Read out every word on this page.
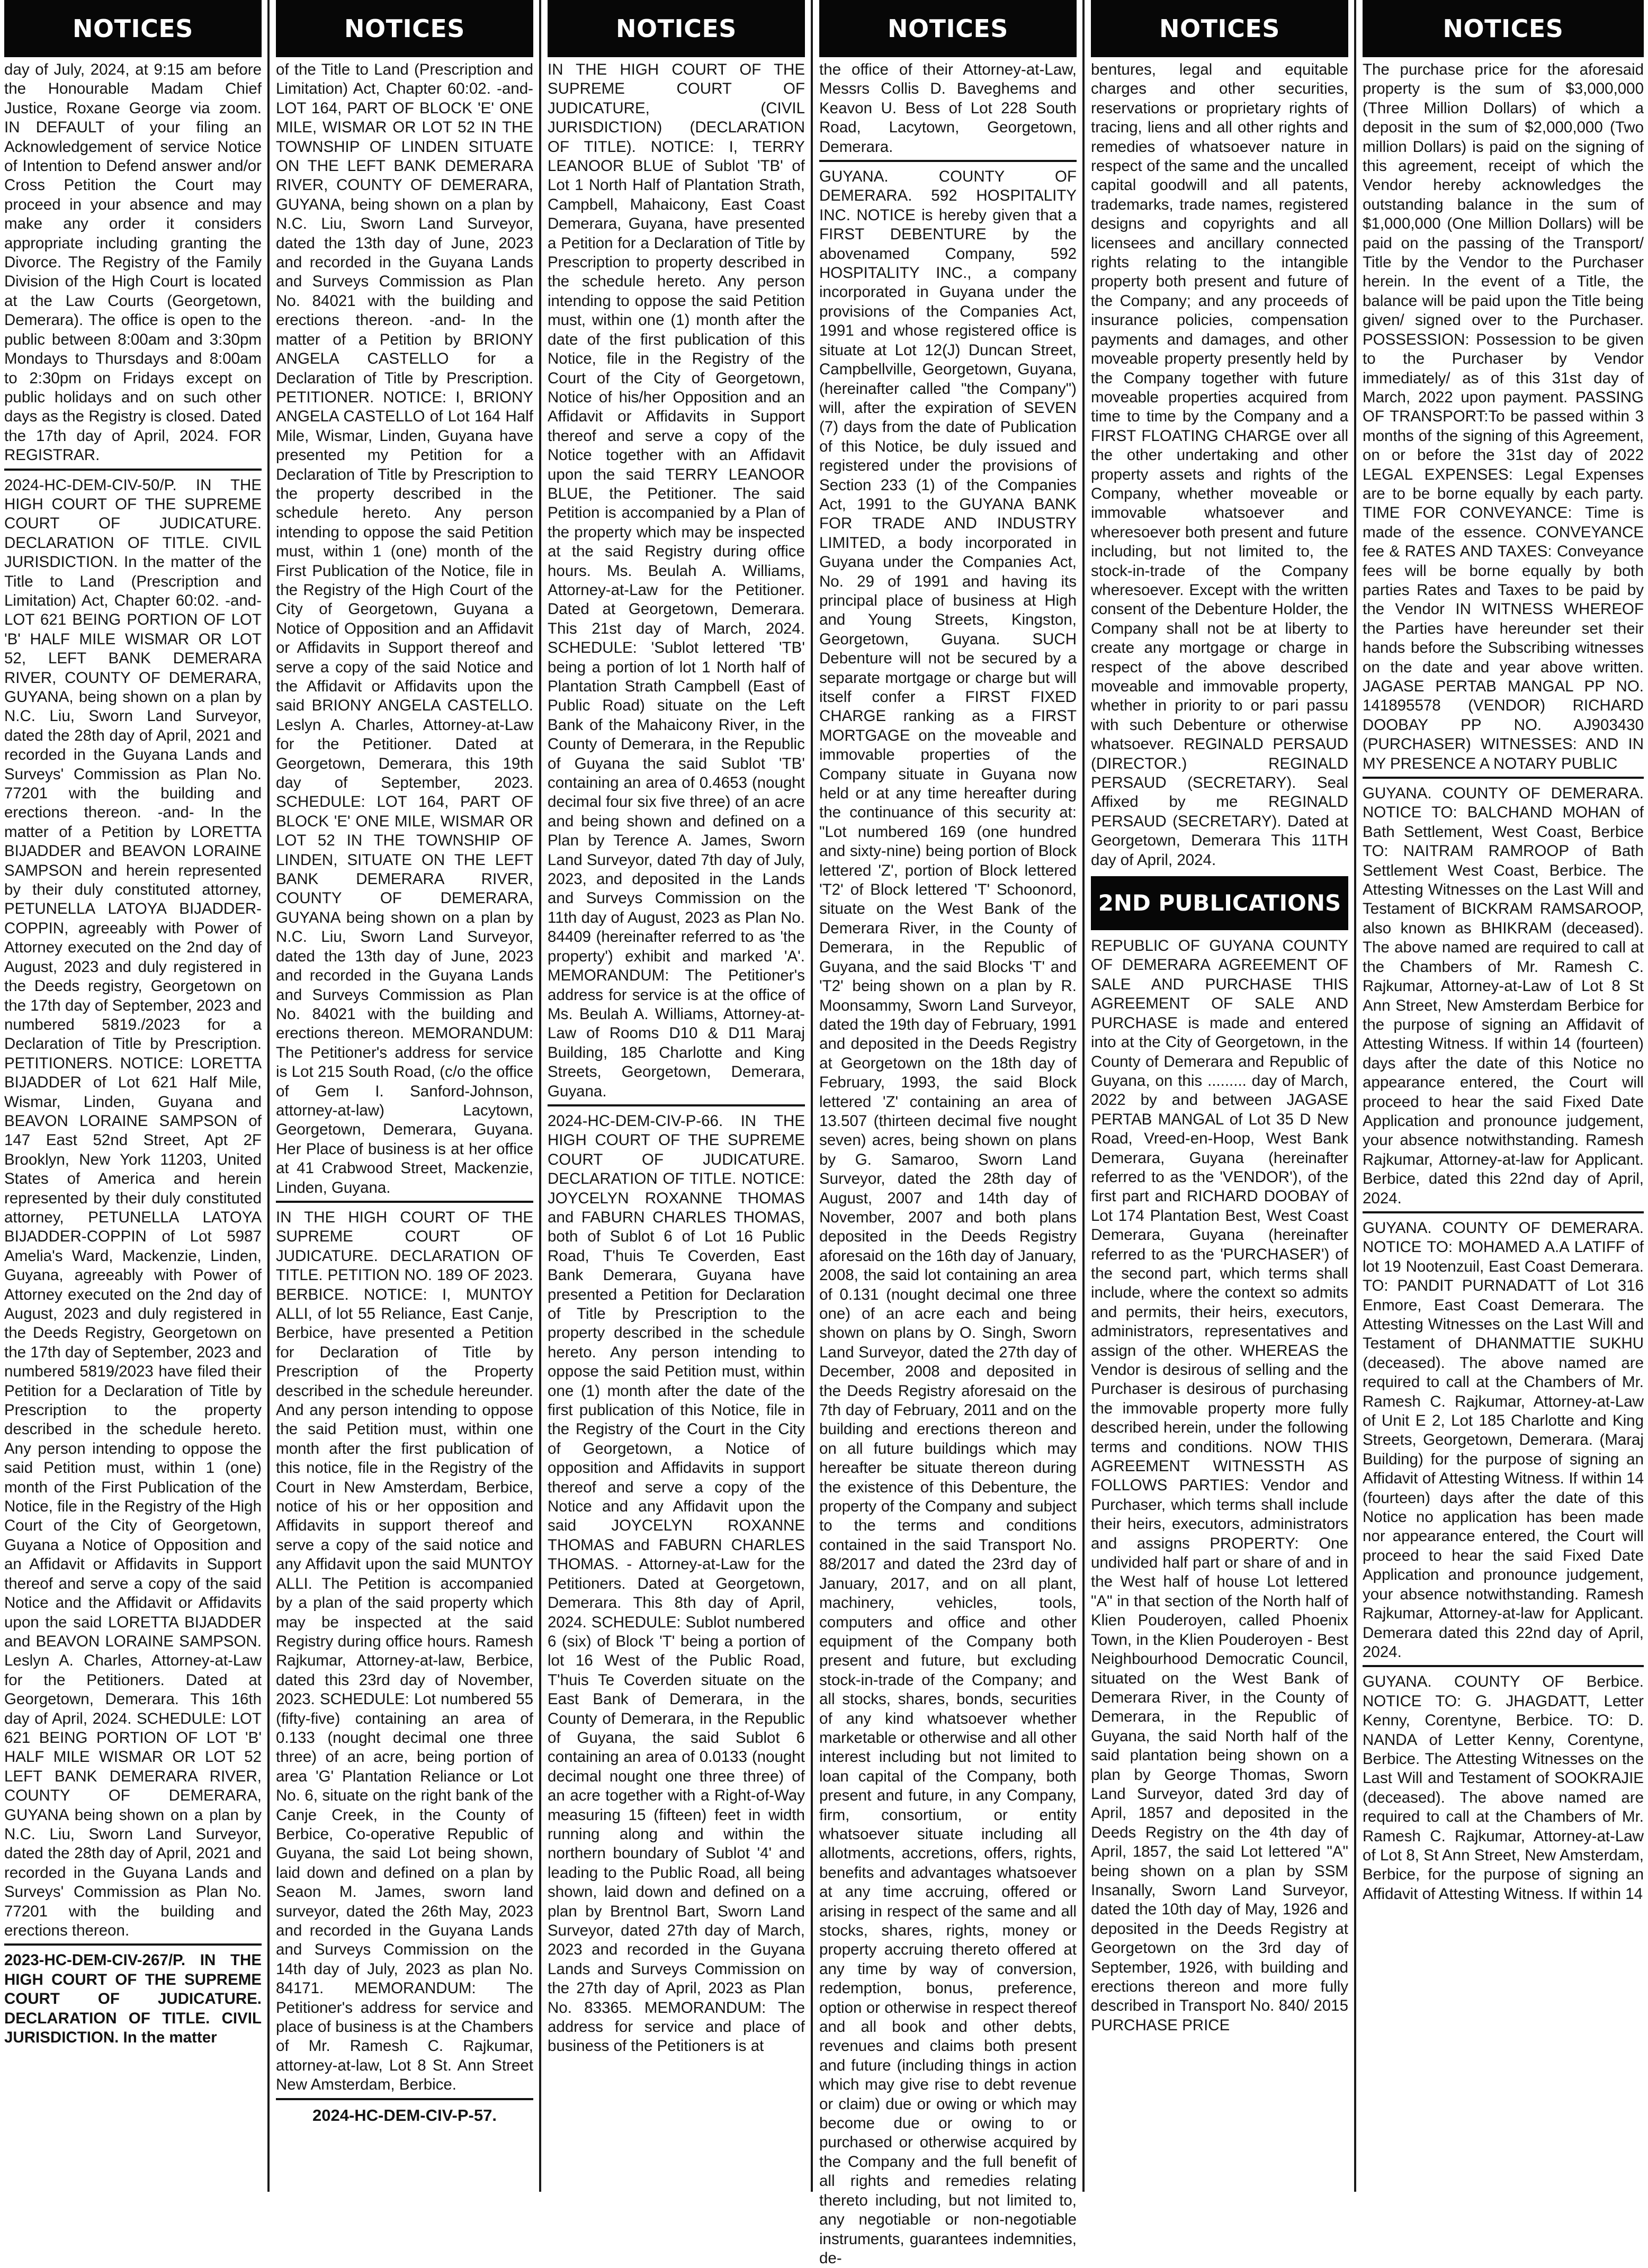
NOTICES

day of July, 2024, at 9:15 am before the Honourable Madam Chief Justice, Roxane George via zoom. IN DEFAULT of your filing an Acknowledgement of service Notice of Intention to Defend answer and/or Cross Petition the Court may proceed in your absence and may make any order it considers appropriate including granting the Divorce. The Registry of the Family Division of the High Court is located at the Law Courts (Georgetown, Demerara). The office is open to the public between 8:00am and 3:30pm Mondays to Thursdays and 8:00am to 2:30pm on Fridays except on public holidays and on such other days as the Registry is closed. Dated the 17th day of April, 2024. FOR REGISTRAR.

2024-HC-DEM-CIV-50/P. IN THE HIGH COURT OF THE SUPREME COURT OF JUDICATURE. DECLARATION OF TITLE. CIVIL JURISDICTION. In the matter of the Title to Land (Prescription and Limitation) Act, Chapter 60:02. -and- LOT 621 BEING PORTION OF LOT 'B' HALF MILE WISMAR OR LOT 52, LEFT BANK DEMERARA RIVER, COUNTY OF DEMERARA, GUYANA, being shown on a plan by N.C. Liu, Sworn Land Surveyor, dated the 28th day of April, 2021 and recorded in the Guyana Lands and Surveys' Commission as Plan No. 77201 with the building and erections thereon. -and- In the matter of a Petition by LORETTA BIJADDER and BEAVON LORAINE SAMPSON and herein represented by their duly constituted attorney, PETUNELLA LATOYA BIJADDER-COPPIN, agreeably with Power of Attorney executed on the 2nd day of August, 2023 and duly registered in the Deeds registry, Georgetown on the 17th day of September, 2023 and numbered 5819./2023 for a Declaration of Title by Prescription. PETITIONERS. NOTICE: LORETTA BIJADDER of Lot 621 Half Mile, Wismar, Linden, Guyana and BEAVON LORAINE SAMPSON of 147 East 52nd Street, Apt 2F Brooklyn, New York 11203, United States of America and herein represented by their duly constituted attorney, PETUNELLA LATOYA BIJADDER-COPPIN of Lot 5987 Amelia's Ward, Mackenzie, Linden, Guyana, agreeably with Power of Attorney executed on the 2nd day of August, 2023 and duly registered in the Deeds Registry, Georgetown on the 17th day of September, 2023 and numbered 5819/2023 have filed their Petition for a Declaration of Title by Prescription to the property described in the schedule hereto. Any person intending to oppose the said Petition must, within 1 (one) month of the First Publication of the Notice, file in the Registry of the High Court of the City of Georgetown, Guyana a Notice of Opposition and an Affidavit or Affidavits in Support thereof and serve a copy of the said Notice and the Affidavit or Affidavits upon the said LORETTA BIJADDER and BEAVON LORAINE SAMPSON. Leslyn A. Charles, Attorney-at-Law for the Petitioners. Dated at Georgetown, Demerara. This 16th day of April, 2024. SCHEDULE: LOT 621 BEING PORTION OF LOT 'B' HALF MILE WISMAR OR LOT 52 LEFT BANK DEMERARA RIVER, COUNTY OF DEMERARA, GUYANA being shown on a plan by N.C. Liu, Sworn Land Surveyor, dated the 28th day of April, 2021 and recorded in the Guyana Lands and Surveys' Commission as Plan No. 77201 with the building and erections thereon.

2023-HC-DEM-CIV-267/P. IN THE HIGH COURT OF THE SUPREME COURT OF JUDICATURE. DECLARATION OF TITLE. CIVIL JURISDICTION. In the matter

NOTICES

of the Title to Land (Prescription and Limitation) Act, Chapter 60:02. -and- LOT 164, PART OF BLOCK 'E' ONE MILE, WISMAR OR LOT 52 IN THE TOWNSHIP OF LINDEN SITUATE ON THE LEFT BANK DEMERARA RIVER, COUNTY OF DEMERARA, GUYANA, being shown on a plan by N.C. Liu, Sworn Land Surveyor, dated the 13th day of June, 2023 and recorded in the Guyana Lands and Surveys Commission as Plan No. 84021 with the building and erections thereon. -and- In the matter of a Petition by BRIONY ANGELA CASTELLO for a Declaration of Title by Prescription. PETITIONER. NOTICE: I, BRIONY ANGELA CASTELLO of Lot 164 Half Mile, Wismar, Linden, Guyana have presented my Petition for a Declaration of Title by Prescription to the property described in the schedule hereto. Any person intending to oppose the said Petition must, within 1 (one) month of the First Publication of the Notice, file in the Registry of the High Court of the City of Georgetown, Guyana a Notice of Opposition and an Affidavit or Affidavits in Support thereof and serve a copy of the said Notice and the Affidavit or Affidavits upon the said BRIONY ANGELA CASTELLO. Leslyn A. Charles, Attorney-at-Law for the Petitioner. Dated at Georgetown, Demerara, this 19th day of September, 2023. SCHEDULE: LOT 164, PART OF BLOCK 'E' ONE MILE, WISMAR OR LOT 52 IN THE TOWNSHIP OF LINDEN, SITUATE ON THE LEFT BANK DEMERARA RIVER, COUNTY OF DEMERARA, GUYANA being shown on a plan by N.C. Liu, Sworn Land Surveyor, dated the 13th day of June, 2023 and recorded in the Guyana Lands and Surveys Commission as Plan No. 84021 with the building and erections thereon. MEMORANDUM: The Petitioner's address for service is Lot 215 South Road, (c/o the office of Gem I. Sanford-Johnson, attorney-at-law) Lacytown, Georgetown, Demerara, Guyana. Her Place of business is at her office at 41 Crabwood Street, Mackenzie, Linden, Guyana.

IN THE HIGH COURT OF THE SUPREME COURT OF JUDICATURE. DECLARATION OF TITLE. PETITION NO. 189 OF 2023. BERBICE. NOTICE: I, MUNTOY ALLI, of lot 55 Reliance, East Canje, Berbice, have presented a Petition for Declaration of Title by Prescription of the Property described in the schedule hereunder. And any person intending to oppose the said Petition must, within one month after the first publication of this notice, file in the Registry of the Court in New Amsterdam, Berbice, notice of his or her opposition and Affidavits in support thereof and serve a copy of the said notice and any Affidavit upon the said MUNTOY ALLI. The Petition is accompanied by a plan of the said property which may be inspected at the said Registry during office hours. Ramesh Rajkumar, Attorney-at-law, Berbice, dated this 23rd day of November, 2023. SCHEDULE: Lot numbered 55 (fifty-five) containing an area of 0.133 (nought decimal one three three) of an acre, being portion of area 'G' Plantation Reliance or Lot No. 6, situate on the right bank of the Canje Creek, in the County of Berbice, Co-operative Republic of Guyana, the said Lot being shown, laid down and defined on a plan by Seaon M. James, sworn land surveyor, dated the 26th May, 2023 and recorded in the Guyana Lands and Surveys Commission on the 14th day of July, 2023 as plan No. 84171. MEMORANDUM: The Petitioner's address for service and place of business is at the Chambers of Mr. Ramesh C. Rajkumar, attorney-at-law, Lot 8 St. Ann Street New Amsterdam, Berbice.

2024-HC-DEM-CIV-P-57.

NOTICES

IN THE HIGH COURT OF THE SUPREME COURT OF JUDICATURE, (CIVIL JURISDICTION) (DECLARATION OF TITLE). NOTICE: I, TERRY LEANOOR BLUE of Sublot 'TB' of Lot 1 North Half of Plantation Strath, Campbell, Mahaicony, East Coast Demerara, Guyana, have presented a Petition for a Declaration of Title by Prescription to property described in the schedule hereto. Any person intending to oppose the said Petition must, within one (1) month after the date of the first publication of this Notice, file in the Registry of the Court of the City of Georgetown, Notice of his/her Opposition and an Affidavit or Affidavits in Support thereof and serve a copy of the Notice together with an Affidavit upon the said TERRY LEANOOR BLUE, the Petitioner. The said Petition is accompanied by a Plan of the property which may be inspected at the said Registry during office hours. Ms. Beulah A. Williams, Attorney-at-Law for the Petitioner. Dated at Georgetown, Demerara. This 21st day of March, 2024. SCHEDULE: 'Sublot lettered 'TB' being a portion of lot 1 North half of Plantation Strath Campbell (East of Public Road) situate on the Left Bank of the Mahaicony River, in the County of Demerara, in the Republic of Guyana the said Sublot 'TB' containing an area of 0.4653 (nought decimal four six five three) of an acre and being shown and defined on a Plan by Terence A. James, Sworn Land Surveyor, dated 7th day of July, 2023, and deposited in the Lands and Surveys Commission on the 11th day of August, 2023 as Plan No. 84409 (hereinafter referred to as 'the property') exhibit and marked 'A'. MEMORANDUM: The Petitioner's address for service is at the office of Ms. Beulah A. Williams, Attorney-at-Law of Rooms D10 & D11 Maraj Building, 185 Charlotte and King Streets, Georgetown, Demerara, Guyana.

2024-HC-DEM-CIV-P-66. IN THE HIGH COURT OF THE SUPREME COURT OF JUDICATURE. DECLARATION OF TITLE. NOTICE: JOYCELYN ROXANNE THOMAS and FABURN CHARLES THOMAS, both of Sublot 6 of Lot 16 Public Road, T'huis Te Coverden, East Bank Demerara, Guyana have presented a Petition for Declaration of Title by Prescription to the property described in the schedule hereto. Any person intending to oppose the said Petition must, within one (1) month after the date of the first publication of this Notice, file in the Registry of the Court in the City of Georgetown, a Notice of opposition and Affidavits in support thereof and serve a copy of the Notice and any Affidavit upon the said JOYCELYN ROXANNE THOMAS and FABURN CHARLES THOMAS. - Attorney-at-Law for the Petitioners. Dated at Georgetown, Demerara. This 8th day of April, 2024. SCHEDULE: Sublot numbered 6 (six) of Block 'T' being a portion of lot 16 West of the Public Road, T'huis Te Coverden situate on the East Bank of Demerara, in the County of Demerara, in the Republic of Guyana, the said Sublot 6 containing an area of 0.0133 (nought decimal nought one three three) of an acre together with a Right-of-Way measuring 15 (fifteen) feet in width running along and within the northern boundary of Sublot '4' and leading to the Public Road, all being shown, laid down and defined on a plan by Brentnol Bart, Sworn Land Surveyor, dated 27th day of March, 2023 and recorded in the Guyana Lands and Surveys Commission on the 27th day of April, 2023 as Plan No. 83365. MEMORANDUM: The address for service and place of business of the Petitioners is at

NOTICES

the office of their Attorney-at-Law, Messrs Collis D. Baveghems and Keavon U. Bess of Lot 228 South Road, Lacytown, Georgetown, Demerara.

GUYANA. COUNTY OF DEMERARA. 592 HOSPITALITY INC. NOTICE is hereby given that a FIRST DEBENTURE by the abovenamed Company, 592 HOSPITALITY INC., a company incorporated in Guyana under the provisions of the Companies Act, 1991 and whose registered office is situate at Lot 12(J) Duncan Street, Campbellville, Georgetown, Guyana, (hereinafter called "the Company") will, after the expiration of SEVEN (7) days from the date of Publication of this Notice, be duly issued and registered under the provisions of Section 233 (1) of the Companies Act, 1991 to the GUYANA BANK FOR TRADE AND INDUSTRY LIMITED, a body incorporated in Guyana under the Companies Act, No. 29 of 1991 and having its principal place of business at High and Young Streets, Kingston, Georgetown, Guyana. SUCH Debenture will not be secured by a separate mortgage or charge but will itself confer a FIRST FIXED CHARGE ranking as a FIRST MORTGAGE on the moveable and immovable properties of the Company situate in Guyana now held or at any time hereafter during the continuance of this security at: "Lot numbered 169 (one hundred and sixty-nine) being portion of Block lettered 'Z', portion of Block lettered 'T2' of Block lettered 'T' Schoonord, situate on the West Bank of the Demerara River, in the County of Demerara, in the Republic of Guyana, and the said Blocks 'T' and 'T2' being shown on a plan by R. Moonsammy, Sworn Land Surveyor, dated the 19th day of February, 1991 and deposited in the Deeds Registry at Georgetown on the 18th day of February, 1993, the said Block lettered 'Z' containing an area of 13.507 (thirteen decimal five nought seven) acres, being shown on plans by G. Samaroo, Sworn Land Surveyor, dated the 28th day of August, 2007 and 14th day of November, 2007 and both plans deposited in the Deeds Registry aforesaid on the 16th day of January, 2008, the said lot containing an area of 0.131 (nought decimal one three one) of an acre each and being shown on plans by O. Singh, Sworn Land Surveyor, dated the 27th day of December, 2008 and deposited in the Deeds Registry aforesaid on the 7th day of February, 2011 and on the building and erections thereon and on all future buildings which may hereafter be situate thereon during the existence of this Debenture, the property of the Company and subject to the terms and conditions contained in the said Transport No. 88/2017 and dated the 23rd day of January, 2017, and on all plant, machinery, vehicles, tools, computers and office and other equipment of the Company both present and future, but excluding stock-in-trade of the Company; and all stocks, shares, bonds, securities of any kind whatsoever whether marketable or otherwise and all other interest including but not limited to loan capital of the Company, both present and future, in any Company, firm, consortium, or entity whatsoever situate including all allotments, accretions, offers, rights, benefits and advantages whatsoever at any time accruing, offered or arising in respect of the same and all stocks, shares, rights, money or property accruing thereto offered at any time by way of conversion, redemption, bonus, preference, option or otherwise in respect thereof and all book and other debts, revenues and claims both present and future (including things in action which may give rise to debt revenue or claim) due or owing or which may become due or owing to or purchased or otherwise acquired by the Company and the full benefit of all rights and remedies relating thereto including, but not limited to, any negotiable or non-negotiable instruments, guarantees indemnities, de-

NOTICES

bentures, legal and equitable charges and other securities, reservations or proprietary rights of tracing, liens and all other rights and remedies of whatsoever nature in respect of the same and the uncalled capital goodwill and all patents, trademarks, trade names, registered designs and copyrights and all licensees and ancillary connected rights relating to the intangible property both present and future of the Company; and any proceeds of insurance policies, compensation payments and damages, and other moveable property presently held by the Company together with future moveable properties acquired from time to time by the Company and a FIRST FLOATING CHARGE over all the other undertaking and other property assets and rights of the Company, whether moveable or immovable whatsoever and wheresoever both present and future including, but not limited to, the stock-in-trade of the Company wheresoever. Except with the written consent of the Debenture Holder, the Company shall not be at liberty to create any mortgage or charge in respect of the above described moveable and immovable property, whether in priority to or pari passu with such Debenture or otherwise whatsoever. REGINALD PERSAUD (DIRECTOR.) REGINALD PERSAUD (SECRETARY). Seal Affixed by me REGINALD PERSAUD (SECRETARY). Dated at Georgetown, Demerara This 11TH day of April, 2024.

2ND PUBLICATIONS

REPUBLIC OF GUYANA COUNTY OF DEMERARA AGREEMENT OF SALE AND PURCHASE THIS AGREEMENT OF SALE AND PURCHASE is made and entered into at the City of Georgetown, in the County of Demerara and Republic of Guyana, on this ......... day of March, 2022 by and between JAGASE PERTAB MANGAL of Lot 35 D New Road, Vreed-en-Hoop, West Bank Demerara, Guyana (hereinafter referred to as the 'VENDOR'), of the first part and RICHARD DOOBAY of Lot 174 Plantation Best, West Coast Demerara, Guyana (hereinafter referred to as the 'PURCHASER') of the second part, which terms shall include, where the context so admits and permits, their heirs, executors, administrators, representatives and assign of the other. WHEREAS the Vendor is desirous of selling and the Purchaser is desirous of purchasing the immovable property more fully described herein, under the following terms and conditions. NOW THIS AGREEMENT WITNESSTH AS FOLLOWS PARTIES: Vendor and Purchaser, which terms shall include their heirs, executors, administrators and assigns PROPERTY: One undivided half part or share of and in the West half of house Lot lettered "A" in that section of the North half of Klien Pouderoyen, called Phoenix Town, in the Klien Pouderoyen - Best Neighbourhood Democratic Council, situated on the West Bank of Demerara River, in the County of Demerara, in the Republic of Guyana, the said North half of the said plantation being shown on a plan by George Thomas, Sworn Land Surveyor, dated 3rd day of April, 1857 and deposited in the Deeds Registry on the 4th day of April, 1857, the said Lot lettered "A" being shown on a plan by SSM Insanally, Sworn Land Surveyor, dated the 10th day of May, 1926 and deposited in the Deeds Registry at Georgetown on the 3rd day of September, 1926, with building and erections thereon and more fully described in Transport No. 840/ 2015 PURCHASE PRICE

NOTICES

The purchase price for the aforesaid property is the sum of $3,000,000 (Three Million Dollars) of which a deposit in the sum of $2,000,000 (Two million Dollars) is paid on the signing of this agreement, receipt of which the Vendor hereby acknowledges the outstanding balance in the sum of $1,000,000 (One Million Dollars) will be paid on the passing of the Transport/ Title by the Vendor to the Purchaser herein. In the event of a Title, the balance will be paid upon the Title being given/ signed over to the Purchaser. POSSESSION: Possession to be given to the Purchaser by Vendor immediately/ as of this 31st day of March, 2022 upon payment. PASSING OF TRANSPORT:To be passed within 3 months of the signing of this Agreement, on or before the 31st day of 2022 LEGAL EXPENSES: Legal Expenses are to be borne equally by each party. TIME FOR CONVEYANCE: Time is made of the essence. CONVEYANCE fee & RATES AND TAXES: Conveyance fees will be borne equally by both parties Rates and Taxes to be paid by the Vendor IN WITNESS WHEREOF the Parties have hereunder set their hands before the Subscribing witnesses on the date and year above written. JAGASE PERTAB MANGAL PP NO. 141895578 (VENDOR) RICHARD DOOBAY PP NO. AJ903430 (PURCHASER) WITNESSES: AND IN MY PRESENCE A NOTARY PUBLIC

GUYANA. COUNTY OF DEMERARA. NOTICE TO: BALCHAND MOHAN of Bath Settlement, West Coast, Berbice TO: NAITRAM RAMROOP of Bath Settlement West Coast, Berbice. The Attesting Witnesses on the Last Will and Testament of BICKRAM RAMSAROOP, also known as BHIKRAM (deceased). The above named are required to call at the Chambers of Mr. Ramesh C. Rajkumar, Attorney-at-Law of Lot 8 St Ann Street, New Amsterdam Berbice for the purpose of signing an Affidavit of Attesting Witness. If within 14 (fourteen) days after the date of this Notice no appearance entered, the Court will proceed to hear the said Fixed Date Application and pronounce judgement, your absence notwithstanding. Ramesh Rajkumar, Attorney-at-law for Applicant. Berbice, dated this 22nd day of April, 2024.

GUYANA. COUNTY OF DEMERARA. NOTICE TO: MOHAMED A.A LATIFF of lot 19 Nootenzuil, East Coast Demerara. TO: PANDIT PURNADATT of Lot 316 Enmore, East Coast Demerara. The Attesting Witnesses on the Last Will and Testament of DHANMATTIE SUKHU (deceased). The above named are required to call at the Chambers of Mr. Ramesh C. Rajkumar, Attorney-at-Law of Unit E 2, Lot 185 Charlotte and King Streets, Georgetown, Demerara. (Maraj Building) for the purpose of signing an Affidavit of Attesting Witness. If within 14 (fourteen) days after the date of this Notice no application has been made nor appearance entered, the Court will proceed to hear the said Fixed Date Application and pronounce judgement, your absence notwithstanding. Ramesh Rajkumar, Attorney-at-law for Applicant. Demerara dated this 22nd day of April, 2024.

GUYANA. COUNTY OF Berbice. NOTICE TO: G. JHAGDATT, Letter Kenny, Corentyne, Berbice. TO: D. NANDA of Letter Kenny, Corentyne, Berbice. The Attesting Witnesses on the Last Will and Testament of SOOKRAJIE (deceased). The above named are required to call at the Chambers of Mr. Ramesh C. Rajkumar, Attorney-at-Law of Lot 8, St Ann Street, New Amsterdam, Berbice, for the purpose of signing an Affidavit of Attesting Witness. If within 14
